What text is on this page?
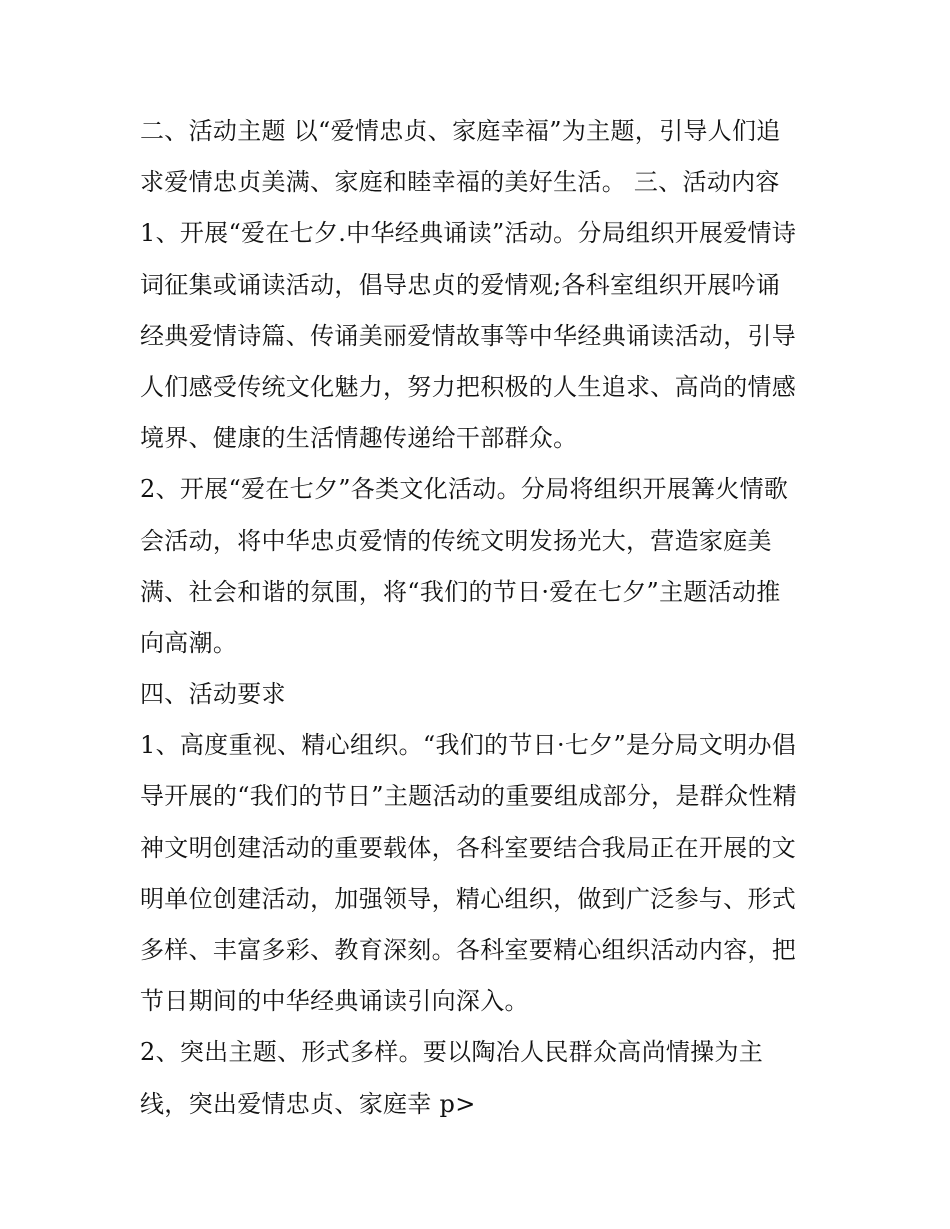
二、活动主题 以“爱情忠贞、家庭幸福”为主题，引导人们追
求爱情忠贞美满、家庭和睦幸福的美好生活。 三、活动内容
1、开展“爱在七夕.中华经典诵读”活动。分局组织开展爱情诗
词征集或诵读活动，倡导忠贞的爱情观;各科室组织开展吟诵
经典爱情诗篇、传诵美丽爱情故事等中华经典诵读活动，引导
人们感受传统文化魅力，努力把积极的人生追求、高尚的情感
境界、健康的生活情趣传递给干部群众。
2、开展“爱在七夕”各类文化活动。分局将组织开展篝火情歌
会活动，将中华忠贞爱情的传统文明发扬光大，营造家庭美
满、社会和谐的氛围，将“我们的节日·爱在七夕”主题活动推
向高潮。
四、活动要求
1、高度重视、精心组织。“我们的节日·七夕”是分局文明办倡
导开展的“我们的节日”主题活动的重要组成部分，是群众性精
神文明创建活动的重要载体，各科室要结合我局正在开展的文
明单位创建活动，加强领导，精心组织，做到广泛参与、形式
多样、丰富多彩、教育深刻。各科室要精心组织活动内容，把
节日期间的中华经典诵读引向深入。
2、突出主题、形式多样。要以陶冶人民群众高尚情操为主
线，突出爱情忠贞、家庭幸 p>
